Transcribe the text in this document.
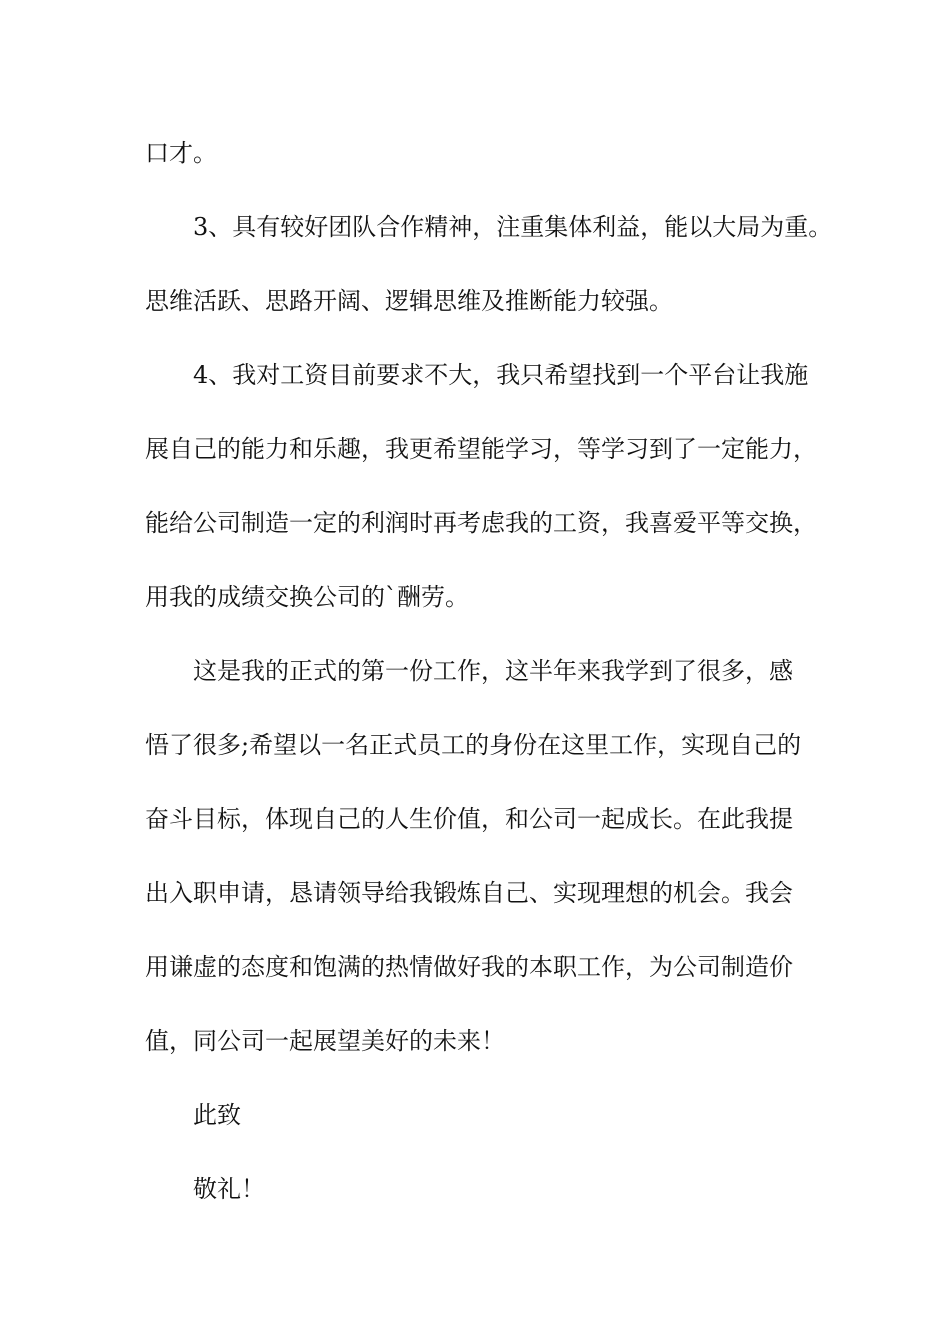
口才。
3、具有较好团队合作精神，注重集体利益，能以大局为重。
思维活跃、思路开阔、逻辑思维及推断能力较强。
4、我对工资目前要求不大，我只希望找到一个平台让我施
展自己的能力和乐趣，我更希望能学习，等学习到了一定能力，
能给公司制造一定的利润时再考虑我的工资，我喜爱平等交换，
用我的成绩交换公司的`酬劳。
这是我的正式的第一份工作，这半年来我学到了很多，感
悟了很多;希望以一名正式员工的身份在这里工作，实现自己的
奋斗目标，体现自己的人生价值，和公司一起成长。在此我提
出入职申请，恳请领导给我锻炼自己、实现理想的机会。我会
用谦虚的态度和饱满的热情做好我的本职工作，为公司制造价
值，同公司一起展望美好的未来！
此致
敬礼！
